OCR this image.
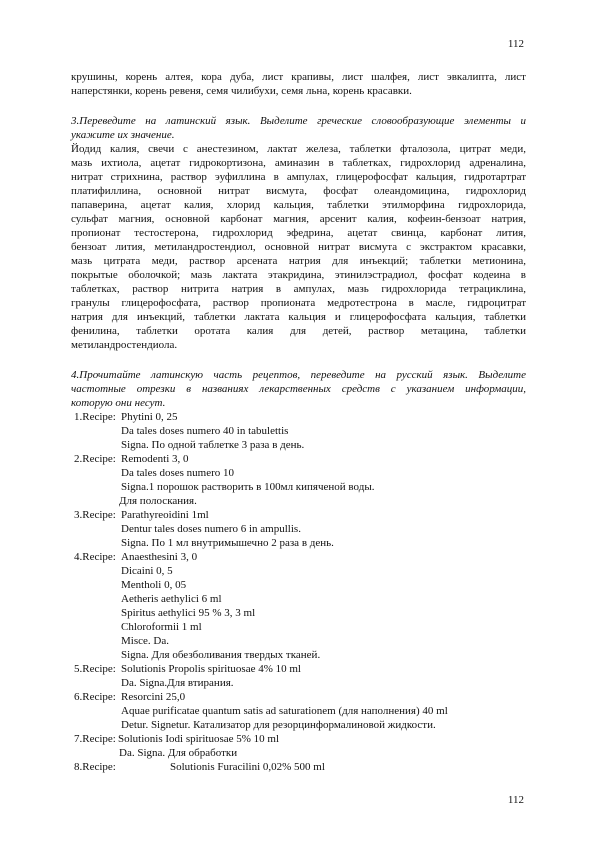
112
крушины, корень алтея, кора дуба, лист крапивы, лист шалфея, лист эвкалипта, лист
наперстянки, корень ревеня, семя чилибухи, семя льна, корень красавки.
3.Переведите на латинский язык. Выделите греческие словообразующие элементы и
укажите их значение.
Йодид калия, свечи с анестезином, лактат железа, таблетки фталозола, цитрат меди,
мазь ихтиола, ацетат гидрокортизона, аминазин в таблетках, гидрохлорид адреналина,
нитрат стрихнина, раствор эуфиллина в ампулах, глицерофосфат кальция, гидротартрат
платифиллина, основной нитрат висмута, фосфат олеандомицина, гидрохлорид
папаверина, ацетат калия, хлорид кальция, таблетки этилморфина гидрохлорида,
сульфат магния, основной карбонат магния, арсенит калия, кофеин-бензоат натрия,
пропионат тестостерона, гидрохлорид эфедрина, ацетат свинца, карбонат лития,
бензоат лития, метиландростендиол, основной нитрат висмута с экстрактом красавки,
мазь цитрата меди, раствор арсената натрия для инъекций; таблетки метионина,
покрытые оболочкой; мазь лактата этакридина, этинилэстрадиол, фосфат кодеина в
таблетках, раствор нитрита натрия в ампулах, мазь гидрохлорида тетрациклина,
гранулы глицерофосфата, раствор пропионата медротестрона в масле, гидроцитрат
натрия для инъекций, таблетки лактата кальция и глицерофосфата кальция, таблетки
фенилина, таблетки оротата калия для детей, раствор метацина, таблетки
метиландростендиола.
4.Прочитайте латинскую часть рецептов, переведите на русский язык. Выделите
частотные отрезки в названиях лекарственных средств с указанием информации,
которую они несут.
1.Recipe: Phytini 0, 25
Da tales doses numero 40 in tabulettis
Signa. По одной таблетке 3 раза в день.
2.Recipe: Remodenti 3, 0
Da tales doses numero 10
Signa.1 порошок растворить в 100мл кипяченой воды.
Для полоскания.
3.Recipe: Parathyreoidini 1ml
Dentur tales doses numero 6 in ampullis.
Signa. По 1 мл внутримышечно 2 раза в день.
4.Recipe: Anaesthesini 3, 0
Dicaini 0, 5
Mentholi 0, 05
Aetheris aethylici 6 ml
Spiritus aethylici 95 % 3, 3 ml
Chloroformii 1 ml
Misce. Da.
Signa. Для обезболивания твердых тканей.
5.Recipe: Solutionis Propolis spirituosae 4% 10 ml
Da. Signa.Для втирания.
6.Recipe: Resorcini 25,0
Aquae purificatae quantum satis ad saturationem (для наполнения) 40 ml
Detur. Signetur. Катализатор для резорцинформалиновой жидкости.
7.Recipe: Solutionis Iodi spirituosae 5% 10 ml
Da. Signa. Для обработки
8.Recipe:	Solutionis Furacilini 0,02% 500 ml
112
